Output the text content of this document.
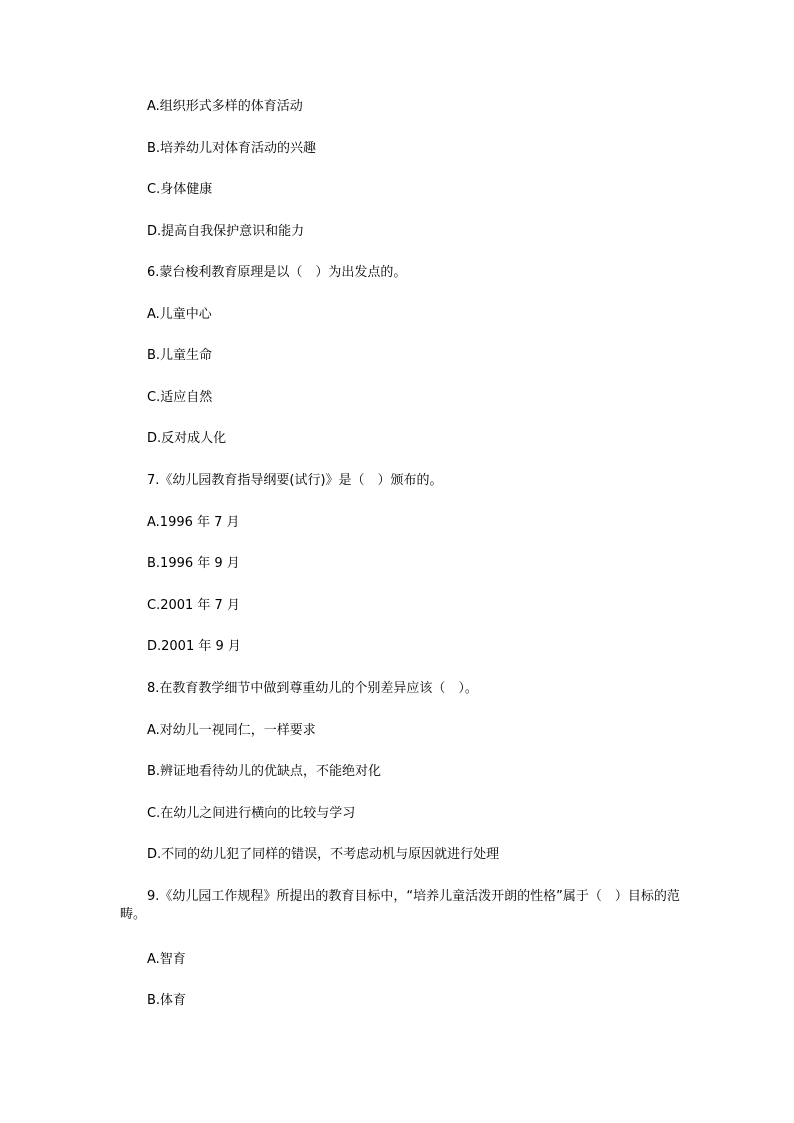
A.组织形式多样的体育活动
B.培养幼儿对体育活动的兴趣
C.身体健康
D.提高自我保护意识和能力
6.蒙台梭利教育原理是以（　）为出发点的。
A.儿童中心
B.儿童生命
C.适应自然
D.反对成人化
7.《幼儿园教育指导纲要(试行)》是（　）颁布的。
A.1996 年 7 月
B.1996 年 9 月
C.2001 年 7 月
D.2001 年 9 月
8.在教育教学细节中做到尊重幼儿的个别差异应该（　）。
A.对幼儿一视同仁，一样要求
B.辨证地看待幼儿的优缺点，不能绝对化
C.在幼儿之间进行横向的比较与学习
D.不同的幼儿犯了同样的错误，不考虑动机与原因就进行处理
9.《幼儿园工作规程》所提出的教育目标中，“培养儿童活泼开朗的性格”属于（　）目标的范畴。
A.智育
B.体育
